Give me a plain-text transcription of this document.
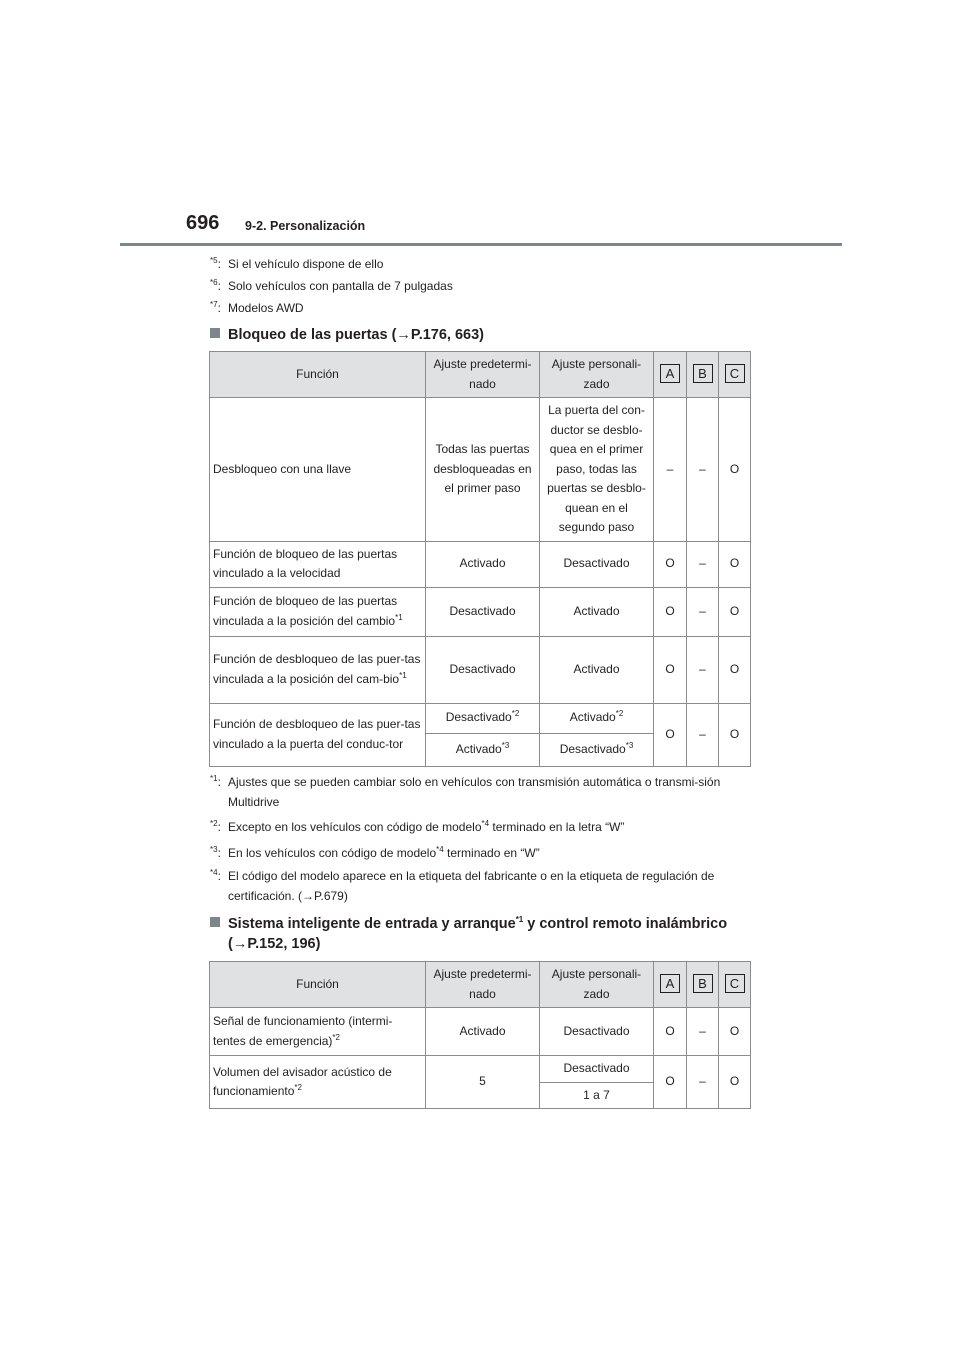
696 9-2. Personalización
$^{*5}$: Si el vehículo dispone de ello
$^{*6}$: Solo vehículos con pantalla de 7 pulgadas
$^{*7}$: Modelos AWD
Bloqueo de las puertas (→P.176, 663)
Función	Ajuste predetermi-nado	Ajuste personali-zado	A	B	C
Desbloqueo con una llave	Todas las puertas desbloqueadas en el primer paso	La puerta del con-ductor se desblo-quea en el primer paso, todas las puertas se desblo-quean en el segundo paso	–	–	O
Función de bloqueo de las puertas vinculado a la velocidad	Activado	Desactivado	O	–	O
Función de bloqueo de las puertas vinculada a la posición del cambio$^{*1}$	Desactivado	Activado	O	–	O
Función de desbloqueo de las puer-tas vinculada a la posición del cam-bio$^{*1}$	Desactivado	Activado	O	–	O
Función de desbloqueo de las puer-tas vinculado a la puerta del conduc-tor	Desactivado$^{*2}$	Activado$^{*2}$	O	–	O
	Activado$^{*3}$	Desactivado$^{*3}$
$^{*1}$: Ajustes que se pueden cambiar solo en vehículos con transmisión automática o transmi-sión Multidrive
$^{*2}$: Excepto en los vehículos con código de modelo$^{*4}$ terminado en la letra “W”
$^{*3}$: En los vehículos con código de modelo$^{*4}$ terminado en “W”
$^{*4}$: El código del modelo aparece en la etiqueta del fabricante o en la etiqueta de regulación de certificación. (→P.679)
Sistema inteligente de entrada y arranque$^{*1}$ y control remoto inalámbrico
(→P.152, 196)
Función	Ajuste predetermi-nado	Ajuste personali-zado	A	B	C
Señal de funcionamiento (intermi-tentes de emergencia)$^{*2}$	Activado	Desactivado	O	–	O
Volumen del avisador acústico de funcionamiento$^{*2}$	5	Desactivado	O	–	O
		1 a 7			
